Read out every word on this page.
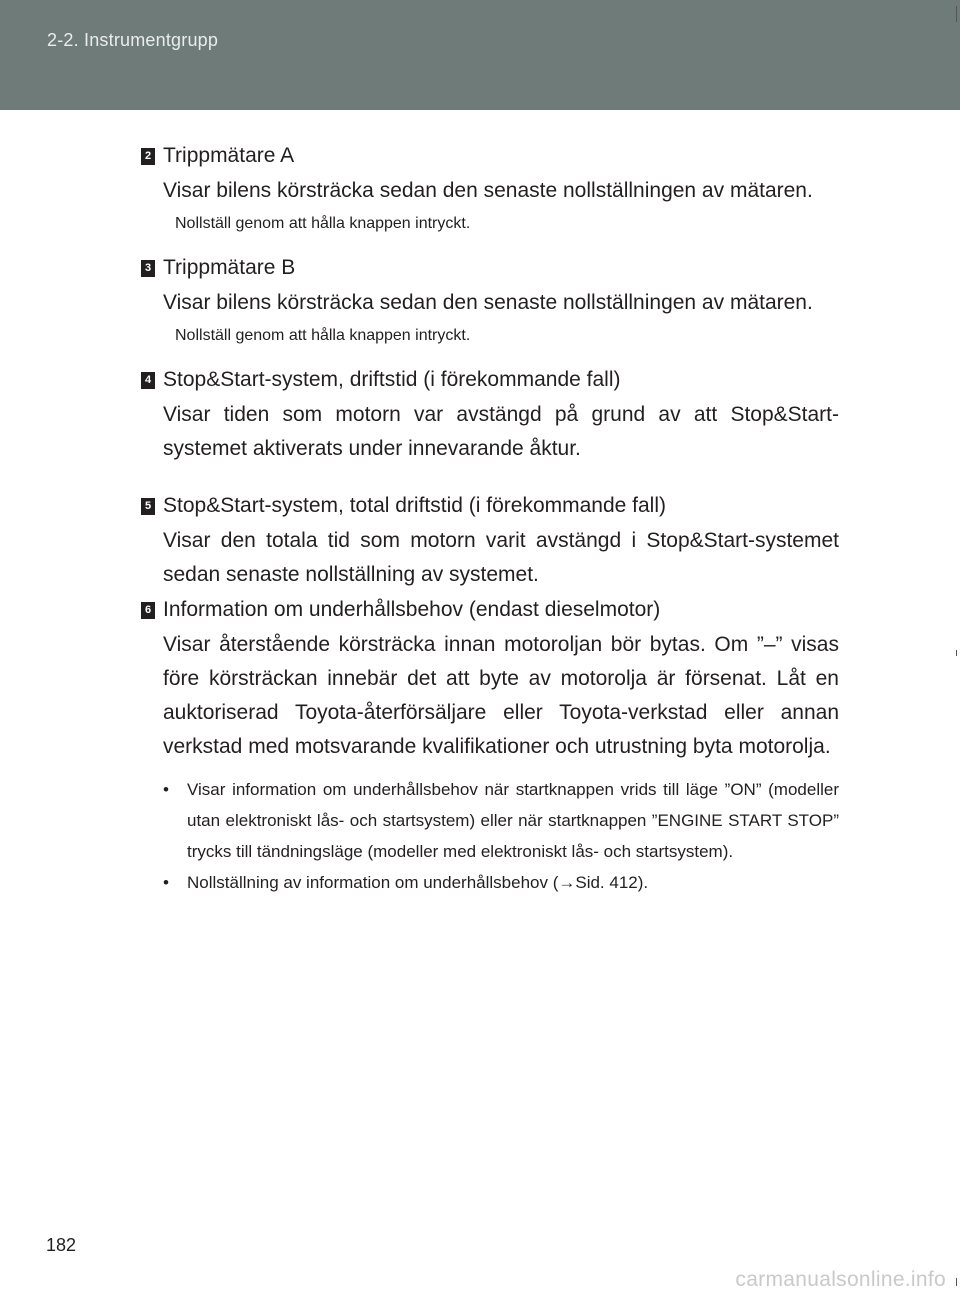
2-2. Instrumentgrupp
2 Trippmätare A
Visar bilens körsträcka sedan den senaste nollställningen av mätaren.
Nollställ genom att hålla knappen intryckt.
3 Trippmätare B
Visar bilens körsträcka sedan den senaste nollställningen av mätaren.
Nollställ genom att hålla knappen intryckt.
4 Stop&Start-system, driftstid (i förekommande fall)
Visar tiden som motorn var avstängd på grund av att Stop&Start-systemet aktiverats under innevarande åktur.
5 Stop&Start-system, total driftstid (i förekommande fall)
Visar den totala tid som motorn varit avstängd i Stop&Start-systemet sedan senaste nollställning av systemet.
6 Information om underhållsbehov (endast dieselmotor)
Visar återstående körsträcka innan motoroljan bör bytas. Om ”–” visas före körsträckan innebär det att byte av motorolja är försenat. Låt en auktoriserad Toyota-återförsäljare eller Toyota-verkstad eller annan verkstad med motsvarande kvalifikationer och utrustning byta motorolja.
• Visar information om underhållsbehov när startknappen vrids till läge ”ON” (modeller utan elektroniskt lås- och startsystem) eller när startknappen ”ENGINE START STOP” trycks till tändningsläge (modeller med elektroniskt lås- och startsystem).
• Nollställning av information om underhållsbehov (→Sid. 412).
182
carmanualsonline.info
